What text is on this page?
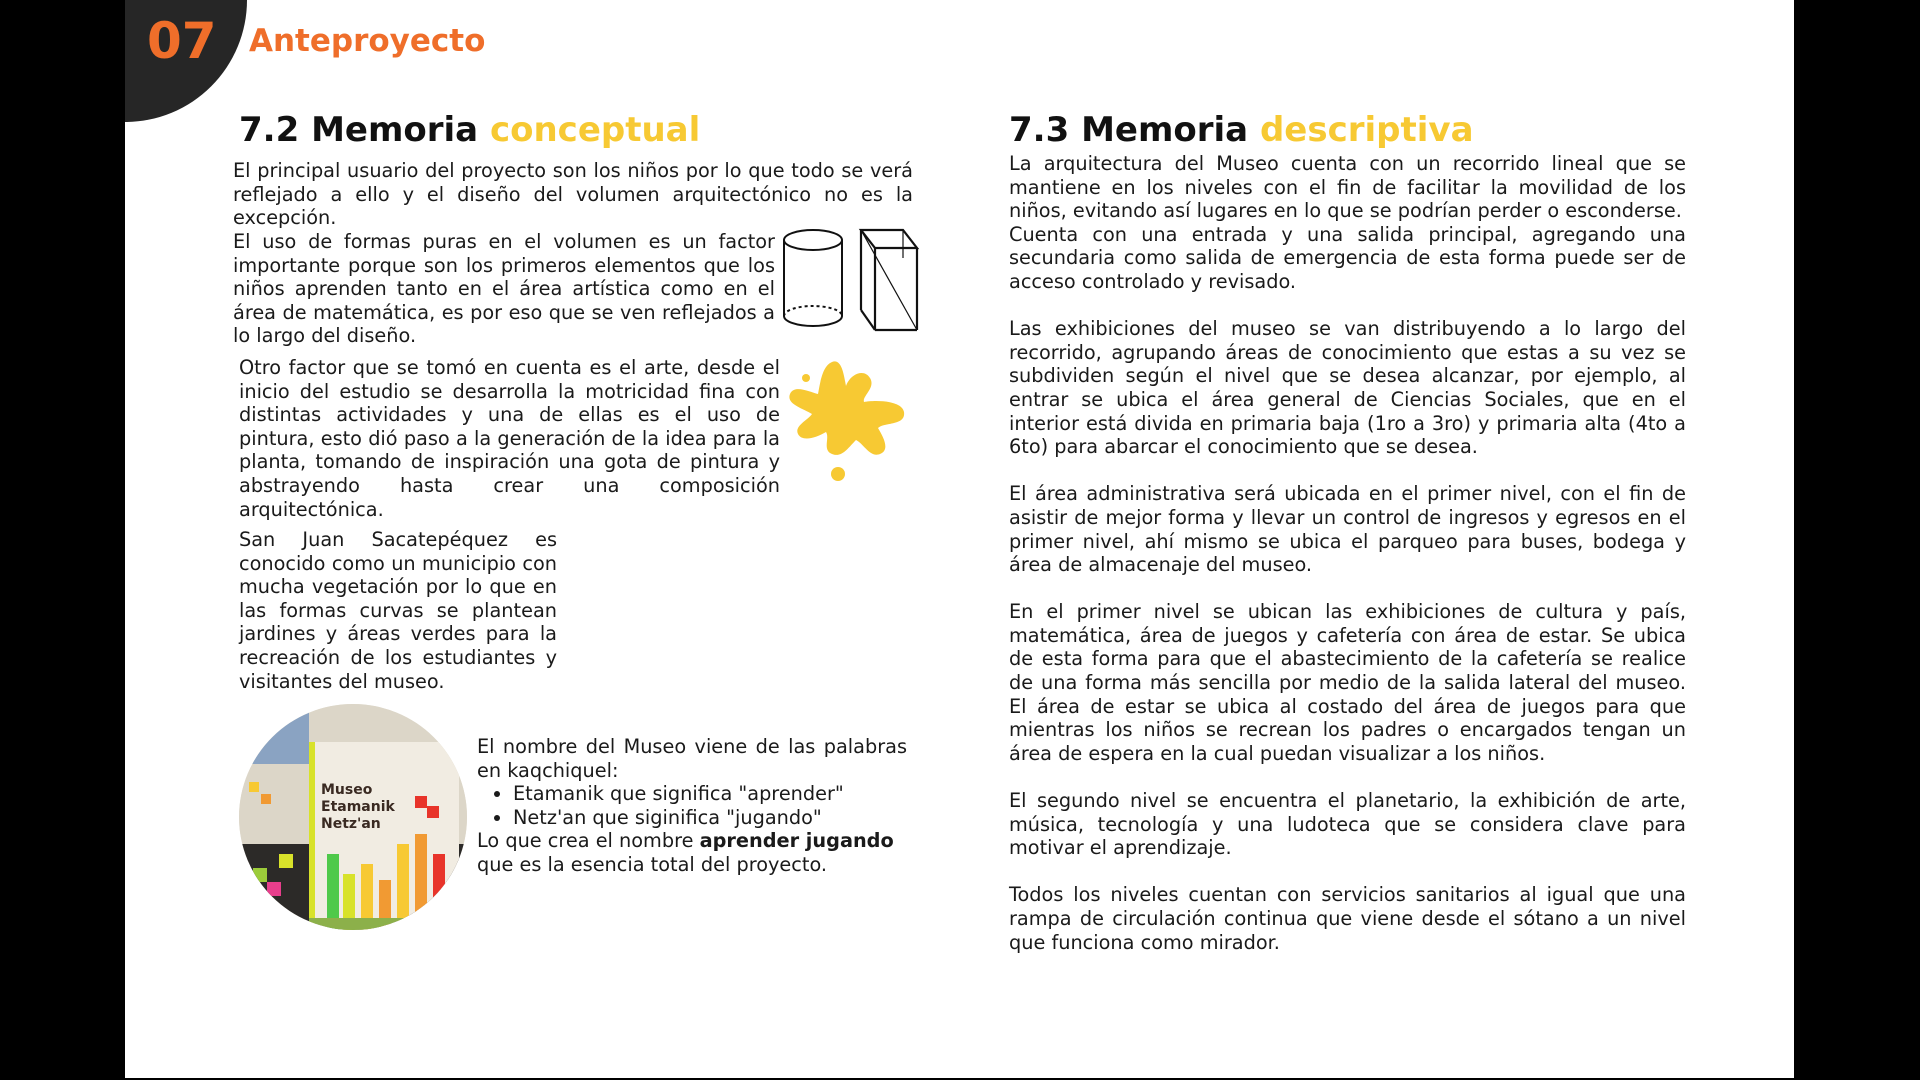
07 Anteproyecto
7.2 Memoria conceptual
El principal usuario del proyecto son los niños por lo que todo se verá reflejado a ello y el diseño del volumen arquitectónico no es la excepción.
El uso de formas puras en el volumen es un factor importante porque son los primeros elementos que los niños aprenden tanto en el área artística como en el área de matemática, es por eso que se ven reflejados a lo largo del diseño.
Otro factor que se tomó en cuenta es el arte, desde el inicio del estudio se desarrolla la motricidad fina con distintas actividades y una de ellas es el uso de pintura, esto dió paso a la generación de la idea para la planta, tomando de inspiración una gota de pintura y abstrayendo hasta crear una composición arquitectónica.
San Juan Sacatepéquez es conocido como un municipio con mucha vegetación por lo que en las formas curvas se plantean jardines y áreas verdes para la recreación de los estudiantes y visitantes del museo.
Museo
Etamanik
Netz'an

El nombre del Museo viene de las palabras en kaqchiquel:

• Etamanik que significa "aprender"
• Netz'an que siginifica "jugando"

Lo que crea el nombre aprender jugando

que es la esencia total del proyecto.

7.3 Memoria descriptiva

La arquitectura del Museo cuenta con un recorrido lineal que se mantiene en los niveles con el fin de facilitar la movilidad de los niños, evitando así lugares en lo que se podrían perder o esconderse.

Cuenta con una entrada y una salida principal, agregando una secundaria como salida de emergencia de esta forma puede ser de acceso controlado y revisado.

Las exhibiciones del museo se van distribuyendo a lo largo del recorrido, agrupando áreas de conocimiento que estas a su vez se subdividen según el nivel que se desea alcanzar, por ejemplo, al entrar se ubica el área general de Ciencias Sociales, que en el interior está divida en primaria baja (1ro a 3ro) y primaria alta (4to a 6to) para abarcar el conocimiento que se desea.

El área administrativa será ubicada en el primer nivel, con el fin de asistir de mejor forma y llevar un control de ingresos y egresos en el primer nivel, ahí mismo se ubica el parqueo para buses, bodega y área de almacenaje del museo.

En el primer nivel se ubican las exhibiciones de cultura y país, matemática, área de juegos y cafetería con área de estar. Se ubica de esta forma para que el abastecimiento de la cafetería se realice de una forma más sencilla por medio de la salida lateral del museo. El área de estar se ubica al costado del área de juegos para que mientras los niños se recrean los padres o encargados tengan un área de espera en la cual puedan visualizar a los niños.

El segundo nivel se encuentra el planetario, la exhibición de arte, música, tecnología y una ludoteca que se considera clave para motivar el aprendizaje.

Todos los niveles cuentan con servicios sanitarios al igual que una rampa de circulación continua que viene desde el sótano a un nivel que funciona como mirador.
